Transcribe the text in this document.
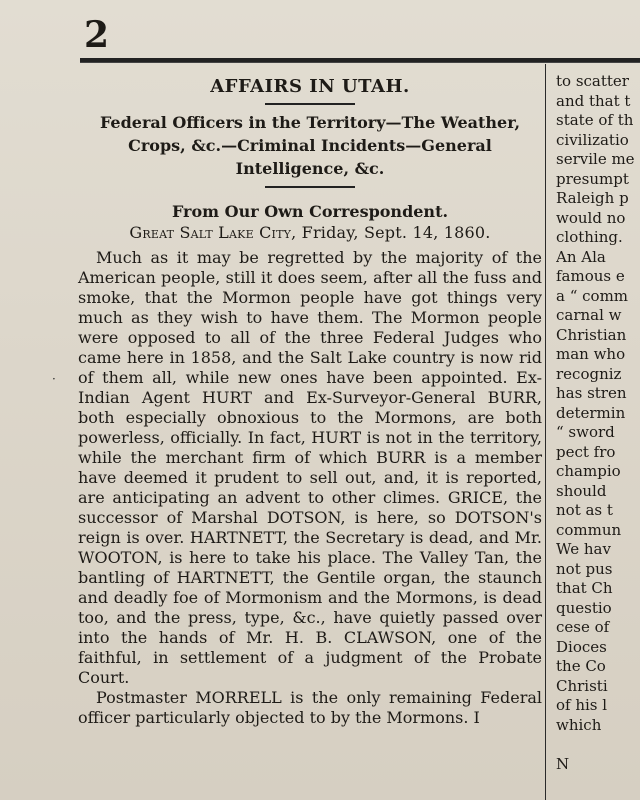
2
·
AFFAIRS IN UTAH.
Federal Officers in the Territory—The Weather, Crops, &c.—Criminal Incidents—General Intelligence, &c.
From Our Own Correspondent.
Great Salt Lake City, Friday, Sept. 14, 1860.

Much as it may be regretted by the majority of the American people, still it does seem, after all the fuss and smoke, that the Mormon people have got things very much as they wish to have them. The Mormon people were opposed to all of the three Federal Judges who came here in 1858, and the Salt Lake country is now rid of them all, while new ones have been appointed. Ex-Indian Agent HURT and Ex-Surveyor-General BURR, both especially obnoxious to the Mormons, are both powerless, officially. In fact, HURT is not in the territory, while the merchant firm of which BURR is a member have deemed it prudent to sell out, and, it is reported, are anticipating an advent to other climes. GRICE, the successor of Marshal DOTSON, is here, so DOTSON's reign is over. HARTNETT, the Secretary is dead, and Mr. WOOTON, is here to take his place. The Valley Tan, the bantling of HARTNETT, the Gentile organ, the staunch and deadly foe of Mormonism and the Mormons, is dead too, and the press, type, &c., have quietly passed over into the hands of Mr. H. B. CLAWSON, one of the faithful, in settlement of a judgment of the Probate Court.

Postmaster MORRELL is the only remaining Federal officer particularly objected to by the Mormons. I

to scatter
and that t
state of th
civilizatio
servile me
presumpt
Raleigh p
would no
clothing.
An Ala
famous e
a “ comm
carnal w
Christian
man who
recogniz
has stren
determin
“ sword
pect fro
champio
should
not as t
commun
We hav
not pus
that Ch
questio
cese of
Dioces
the Co
Christi
of his l
which
N
